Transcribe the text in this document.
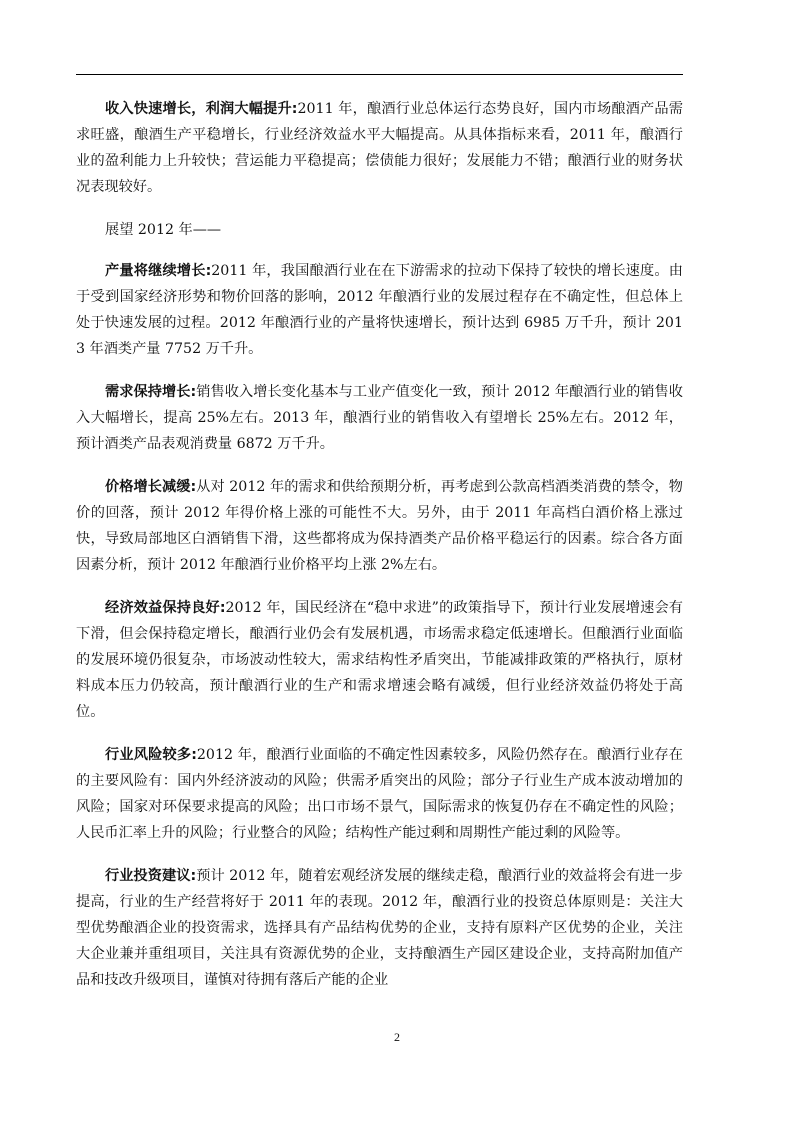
收入快速增长，利润大幅提升:2011 年，酿酒行业总体运行态势良好，国内市场酿酒产品需求旺盛，酿酒生产平稳增长，行业经济效益水平大幅提高。从具体指标来看，2011 年，酿酒行业的盈利能力上升较快；营运能力平稳提高；偿债能力很好；发展能力不错；酿酒行业的财务状况表现较好。

展望 2012 年——

产量将继续增长:2011 年，我国酿酒行业在在下游需求的拉动下保持了较快的增长速度。由于受到国家经济形势和物价回落的影响，2012 年酿酒行业的发展过程存在不确定性，但总体上处于快速发展的过程。2012 年酿酒行业的产量将快速增长，预计达到 6985 万千升，预计 2013 年酒类产量 7752 万千升。

需求保持增长:销售收入增长变化基本与工业产值变化一致，预计 2012 年酿酒行业的销售收入大幅增长，提高 25%左右。2013 年，酿酒行业的销售收入有望增长 25%左右。2012 年，预计酒类产品表观消费量 6872 万千升。

价格增长减缓:从对 2012 年的需求和供给预期分析，再考虑到公款高档酒类消费的禁令，物价的回落，预计 2012 年得价格上涨的可能性不大。另外，由于 2011 年高档白酒价格上涨过快，导致局部地区白酒销售下滑，这些都将成为保持酒类产品价格平稳运行的因素。综合各方面因素分析，预计 2012 年酿酒行业价格平均上涨 2%左右。

经济效益保持良好:2012 年，国民经济在“稳中求进”的政策指导下，预计行业发展增速会有下滑，但会保持稳定增长，酿酒行业仍会有发展机遇，市场需求稳定低速增长。但酿酒行业面临的发展环境仍很复杂，市场波动性较大，需求结构性矛盾突出，节能减排政策的严格执行，原材料成本压力仍较高，预计酿酒行业的生产和需求增速会略有减缓，但行业经济效益仍将处于高位。

行业风险较多:2012 年，酿酒行业面临的不确定性因素较多，风险仍然存在。酿酒行业存在的主要风险有：国内外经济波动的风险；供需矛盾突出的风险；部分子行业生产成本波动增加的风险；国家对环保要求提高的风险；出口市场不景气，国际需求的恢复仍存在不确定性的风险；人民币汇率上升的风险；行业整合的风险；结构性产能过剩和周期性产能过剩的风险等。

行业投资建议:预计 2012 年，随着宏观经济发展的继续走稳，酿酒行业的效益将会有进一步提高，行业的生产经营将好于 2011 年的表现。2012 年，酿酒行业的投资总体原则是：关注大型优势酿酒企业的投资需求，选择具有产品结构优势的企业，支持有原料产区优势的企业，关注大企业兼并重组项目，关注具有资源优势的企业，支持酿酒生产园区建设企业，支持高附加值产品和技改升级项目，谨慎对待拥有落后产能的企业

2
